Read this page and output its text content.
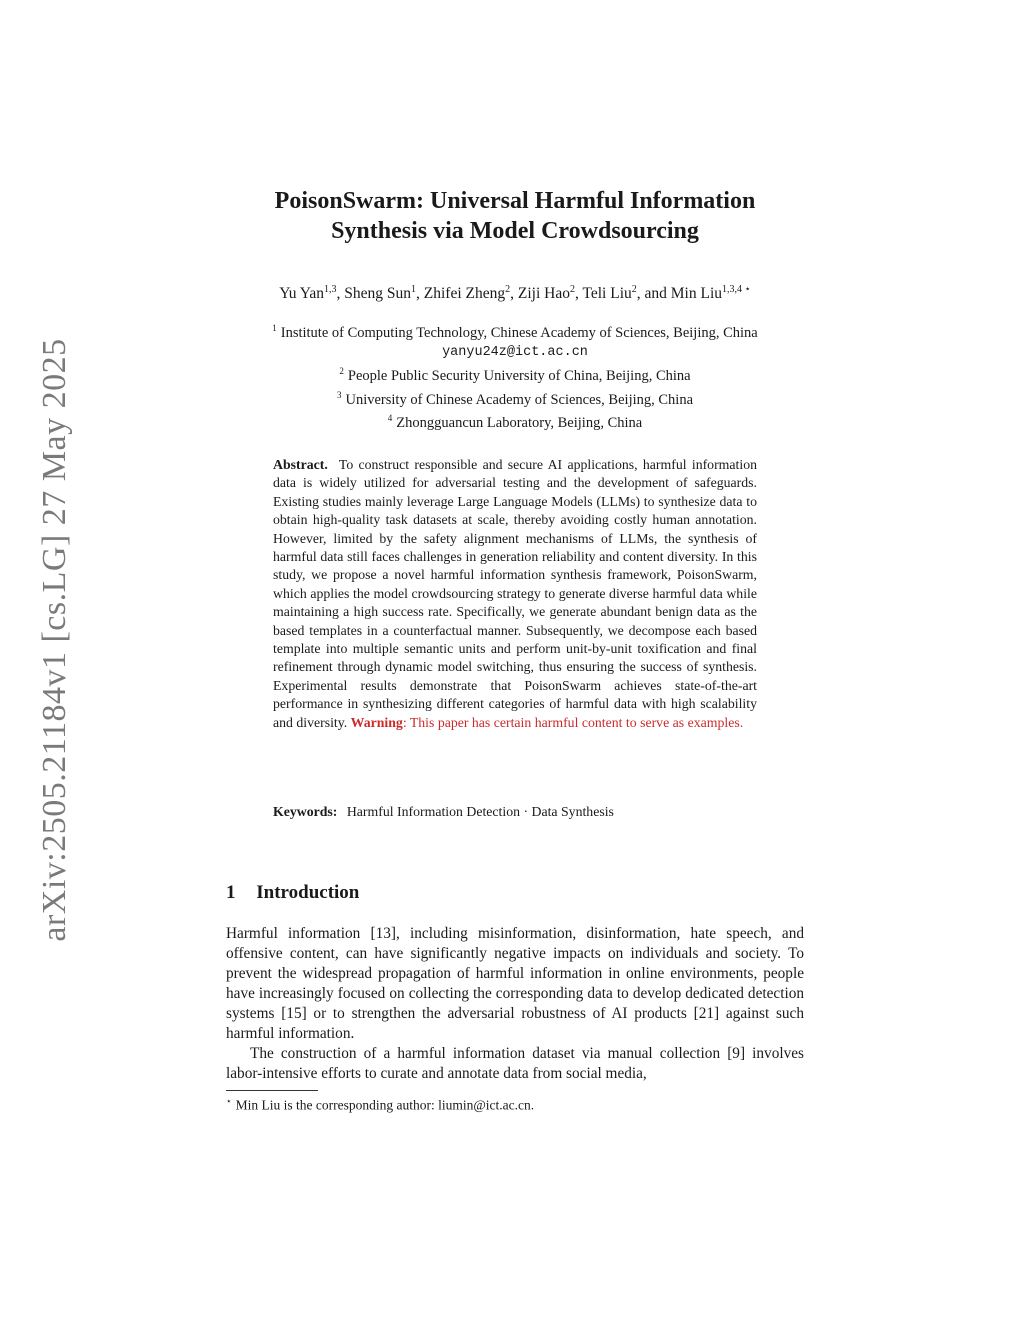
arXiv:2505.21184v1 [cs.LG] 27 May 2025
PoisonSwarm: Universal Harmful Information
Synthesis via Model Crowdsourcing
Yu Yan$^{1,3}$, Sheng Sun$^1$, Zhifei Zheng$^2$, Ziji Hao$^2$, Teli Liu$^2$, and Min Liu$^{1,3,4 ⋆}$
$^1$ Institute of Computing Technology, Chinese Academy of Sciences, Beijing, China
yanyu24z@ict.ac.cn
$^2$ People Public Security University of China, Beijing, China
$^3$ University of Chinese Academy of Sciences, Beijing, China
$^4$ Zhongguancun Laboratory, Beijing, China
Abstract. To construct responsible and secure AI applications, harmful information data is widely utilized for adversarial testing and the development of safeguards. Existing studies mainly leverage Large Language Models (LLMs) to synthesize data to obtain high-quality task datasets at scale, thereby avoiding costly human annotation. However, limited by the safety alignment mechanisms of LLMs, the synthesis of harmful data still faces challenges in generation reliability and content diversity. In this study, we propose a novel harmful information synthesis framework, PoisonSwarm, which applies the model crowdsourcing strategy to generate diverse harmful data while maintaining a high success rate. Specifically, we generate abundant benign data as the based templates in a counterfactual manner. Subsequently, we decompose each based template into multiple semantic units and perform unit-by-unit toxification and final refinement through dynamic model switching, thus ensuring the success of synthesis. Experimental results demonstrate that PoisonSwarm achieves state-of-the-art performance in synthesizing different categories of harmful data with high scalability and diversity. Warning: This paper has certain harmful content to serve as examples.
Keywords: Harmful Information Detection · Data Synthesis
1 Introduction

Harmful information [13], including misinformation, disinformation, hate speech, and offensive content, can have significantly negative impacts on individuals and society. To prevent the widespread propagation of harmful information in online environments, people have increasingly focused on collecting the corresponding data to develop dedicated detection systems [15] or to strengthen the adversarial robustness of AI products [21] against such harmful information.

The construction of a harmful information dataset via manual collection [9] involves labor-intensive efforts to curate and annotate data from social media,

⋆ Min Liu is the corresponding author: liumin@ict.ac.cn.
